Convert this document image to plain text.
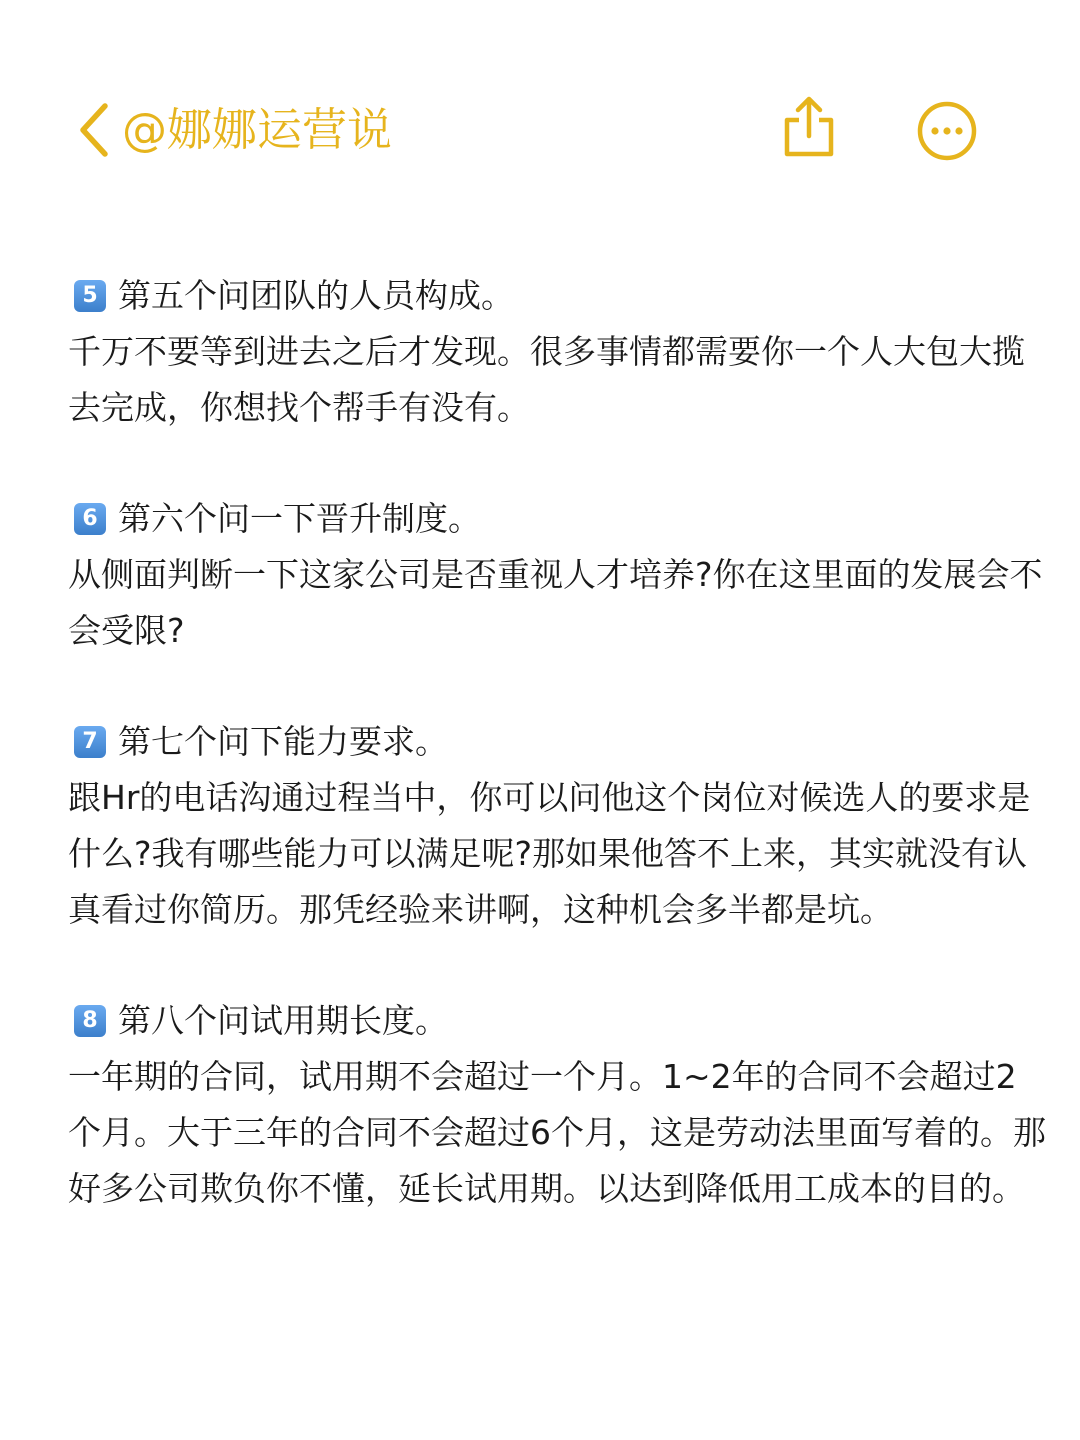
@娜娜运营说
5 第五个问团队的人员构成。
千万不要等到进去之后才发现。很多事情都需要你一个人大包大揽去完成，你想找个帮手有没有。
6 第六个问一下晋升制度。
从侧面判断一下这家公司是否重视人才培养?你在这里面的发展会不会受限?
7 第七个问下能力要求。
跟Hr的电话沟通过程当中，你可以问他这个岗位对候选人的要求是什么?我有哪些能力可以满足呢?那如果他答不上来，其实就没有认真看过你简历。那凭经验来讲啊，这种机会多半都是坑。
8 第八个问试用期长度。
一年期的合同，试用期不会超过一个月。1~2年的合同不会超过2个月。大于三年的合同不会超过6个月，这是劳动法里面写着的。那好多公司欺负你不懂，延长试用期。以达到降低用工成本的目的。
